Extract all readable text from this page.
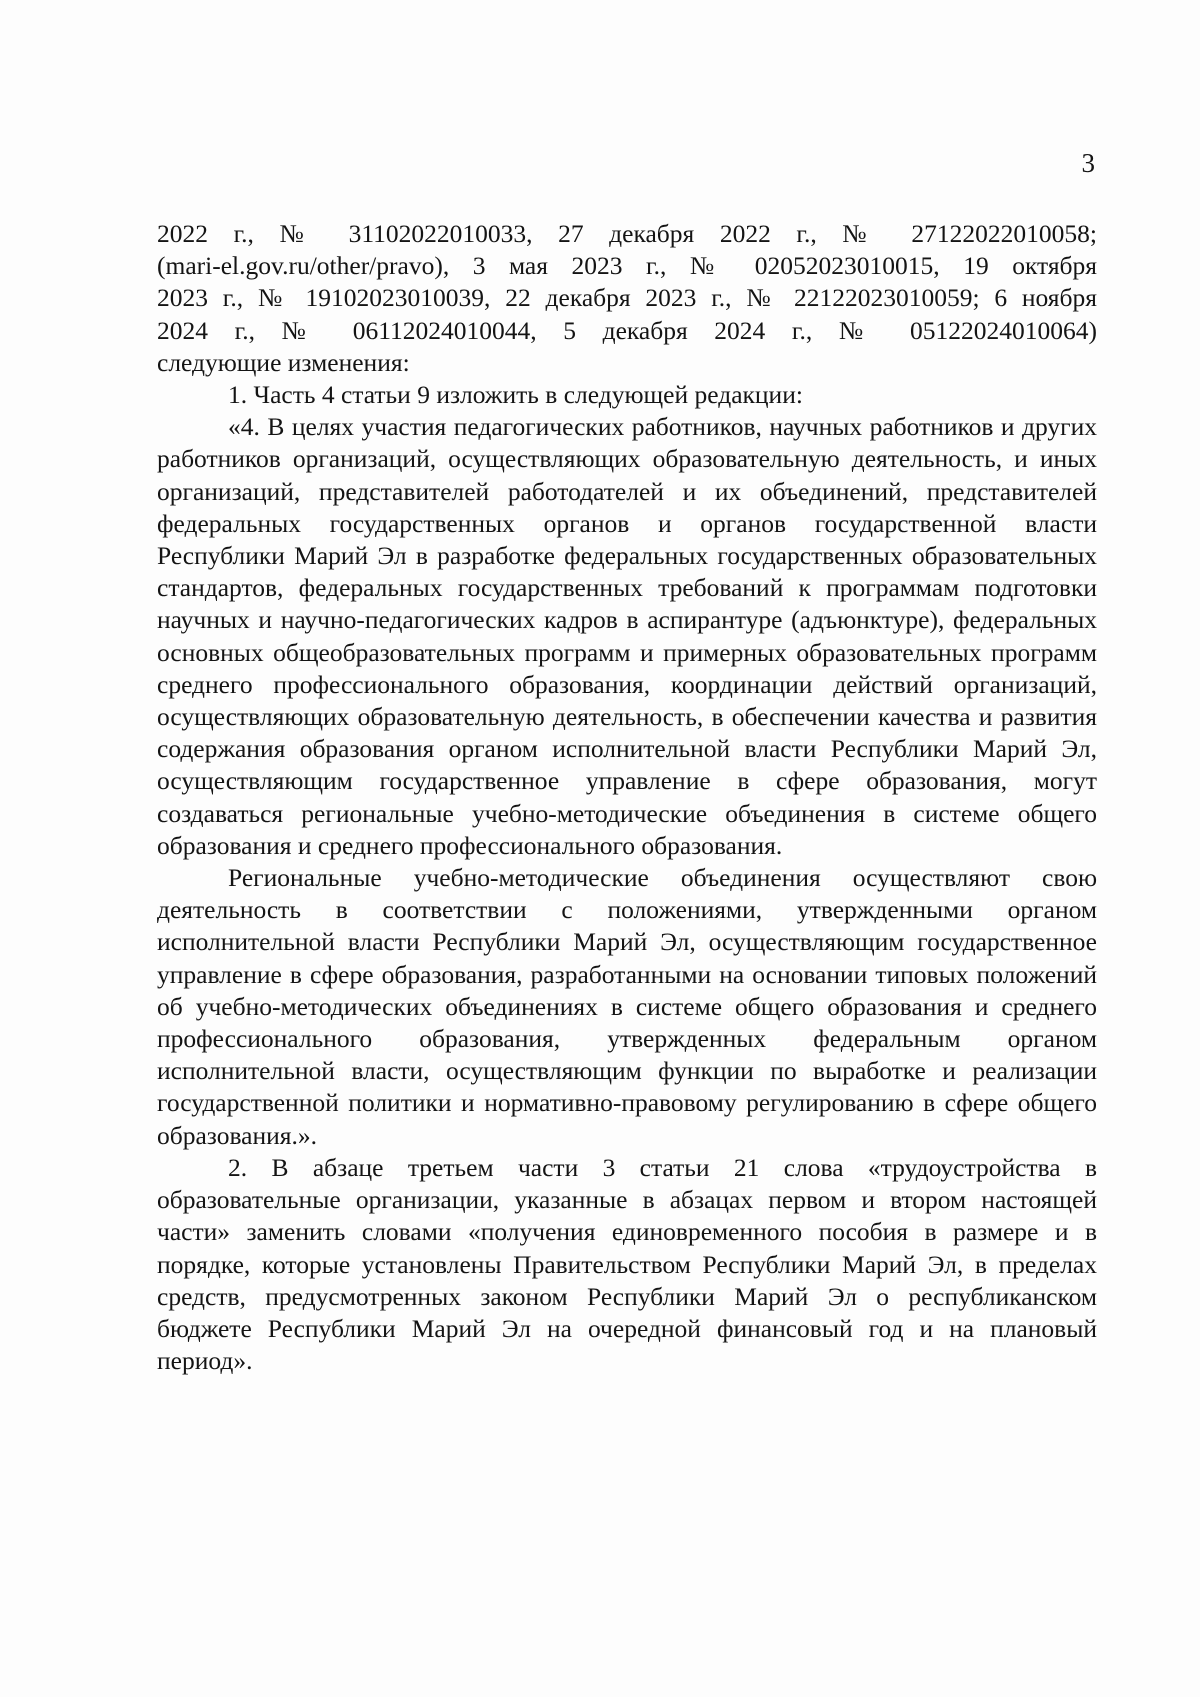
3
2022 г., № 31102022010033, 27 декабря 2022 г., № 27122022010058;
(mari-el.gov.ru/other/pravo), 3 мая 2023 г., № 02052023010015, 19 октября
2023 г., № 19102023010039, 22 декабря 2023 г., № 22122023010059; 6 ноября
2024 г., № 06112024010044, 5 декабря 2024 г., № 05122024010064)
следующие изменения:

1. Часть 4 статьи 9 изложить в следующей редакции:

«4. В целях участия педагогических работников, научных работников и других работников организаций, осуществляющих образовательную деятельность, и иных организаций, представителей работодателей и их объединений, представителей федеральных государственных органов и органов государственной власти Республики Марий Эл в разработке федеральных государственных образовательных стандартов, федеральных государственных требований к программам подготовки научных и научно-педагогических кадров в аспирантуре (адъюнктуре), федеральных основных общеобразовательных программ и примерных образовательных программ среднего профессионального образования, координации действий организаций, осуществляющих образовательную деятельность, в обеспечении качества и развития содержания образования органом исполнительной власти Республики Марий Эл, осуществляющим государственное управление в сфере образования, могут создаваться региональные учебно-методические объединения в системе общего образования и среднего профессионального образования.

Региональные учебно-методические объединения осуществляют свою деятельность в соответствии с положениями, утвержденными органом исполнительной власти Республики Марий Эл, осуществляющим государственное управление в сфере образования, разработанными на основании типовых положений об учебно-методических объединениях в системе общего образования и среднего профессионального образования, утвержденных федеральным органом исполнительной власти, осуществляющим функции по выработке и реализации государственной политики и нормативно-правовому регулированию в сфере общего образования.».

2. В абзаце третьем части 3 статьи 21 слова «трудоустройства в образовательные организации, указанные в абзацах первом и втором настоящей части» заменить словами «получения единовременного пособия в размере и в порядке, которые установлены Правительством Республики Марий Эл, в пределах средств, предусмотренных законом Республики Марий Эл о республиканском бюджете Республики Марий Эл на очередной финансовый год и на плановый период».
